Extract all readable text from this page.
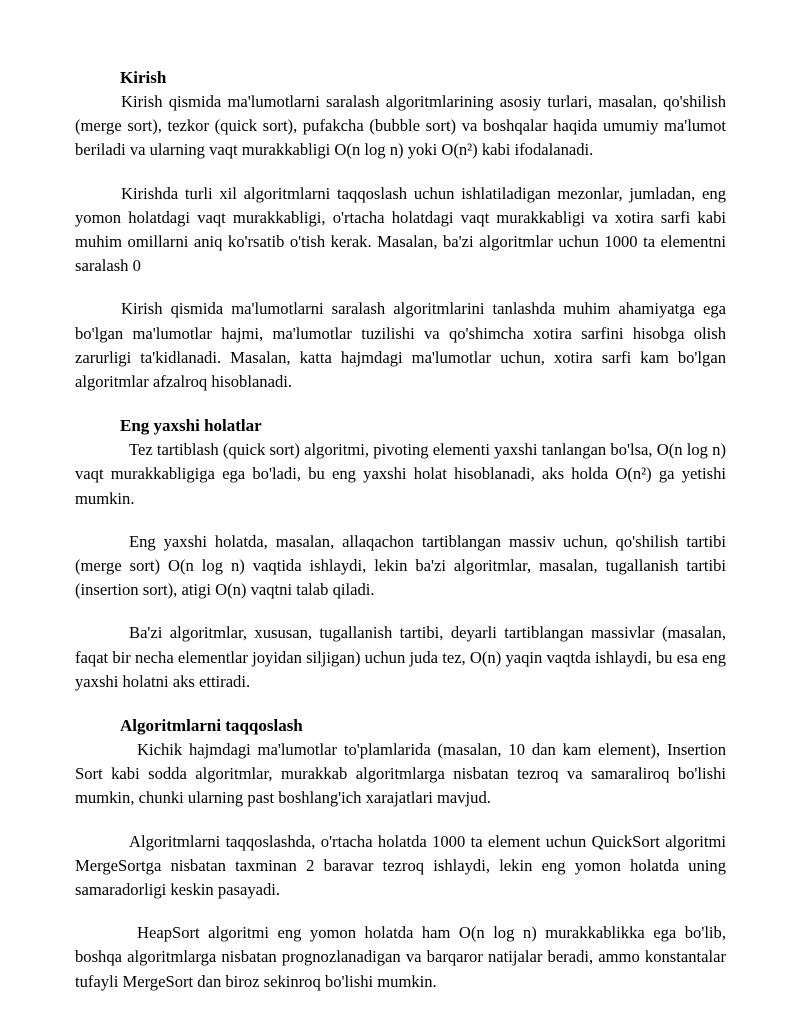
Kirish

Kirish qismida ma'lumotlarni saralash algoritmlarining asosiy turlari, masalan, qo'shilish (merge sort), tezkor (quick sort), pufakcha (bubble sort) va boshqalar haqida umumiy ma'lumot beriladi va ularning vaqt murakkabligi O(n log n) yoki O(n²) kabi ifodalanadi.

Kirishda turli xil algoritmlarni taqqoslash uchun ishlatiladigan mezonlar, jumladan, eng yomon holatdagi vaqt murakkabligi, o'rtacha holatdagi vaqt murakkabligi va xotira sarfi kabi muhim omillarni aniq ko'rsatib o'tish kerak. Masalan, ba'zi algoritmlar uchun 1000 ta elementni saralash 0

Kirish qismida ma'lumotlarni saralash algoritmlarini tanlashda muhim ahamiyatga ega bo'lgan ma'lumotlar hajmi, ma'lumotlar tuzilishi va qo'shimcha xotira sarfini hisobga olish zarurligi ta'kidlanadi. Masalan, katta hajmdagi ma'lumotlar uchun, xotira sarfi kam bo'lgan algoritmlar afzalroq hisoblanadi.

Eng yaxshi holatlar

Tez tartiblash (quick sort) algoritmi, pivoting elementi yaxshi tanlangan bo'lsa, O(n log n) vaqt murakkabligiga ega bo'ladi, bu eng yaxshi holat hisoblanadi, aks holda O(n²) ga yetishi mumkin.

Eng yaxshi holatda, masalan, allaqachon tartiblangan massiv uchun, qo'shilish tartibi (merge sort) O(n log n) vaqtida ishlaydi, lekin ba'zi algoritmlar, masalan, tugallanish tartibi (insertion sort), atigi O(n) vaqtni talab qiladi.

Ba'zi algoritmlar, xususan, tugallanish tartibi, deyarli tartiblangan massivlar (masalan, faqat bir necha elementlar joyidan siljigan) uchun juda tez, O(n) yaqin vaqtda ishlaydi, bu esa eng yaxshi holatni aks ettiradi.

Algoritmlarni taqqoslash

Kichik hajmdagi ma'lumotlar to'plamlarida (masalan, 10 dan kam element), Insertion Sort kabi sodda algoritmlar, murakkab algoritmlarga nisbatan tezroq va samaraliroq bo'lishi mumkin, chunki ularning past boshlang'ich xarajatlari mavjud.

Algoritmlarni taqqoslashda, o'rtacha holatda 1000 ta element uchun QuickSort algoritmi MergeSortga nisbatan taxminan 2 baravar tezroq ishlaydi, lekin eng yomon holatda uning samaradorligi keskin pasayadi.

HeapSort algoritmi eng yomon holatda ham O(n log n) murakkablikka ega bo'lib, boshqa algoritmlarga nisbatan prognozlanadigan va barqaror natijalar beradi, ammo konstantalar tufayli MergeSort dan biroz sekinroq bo'lishi mumkin.
